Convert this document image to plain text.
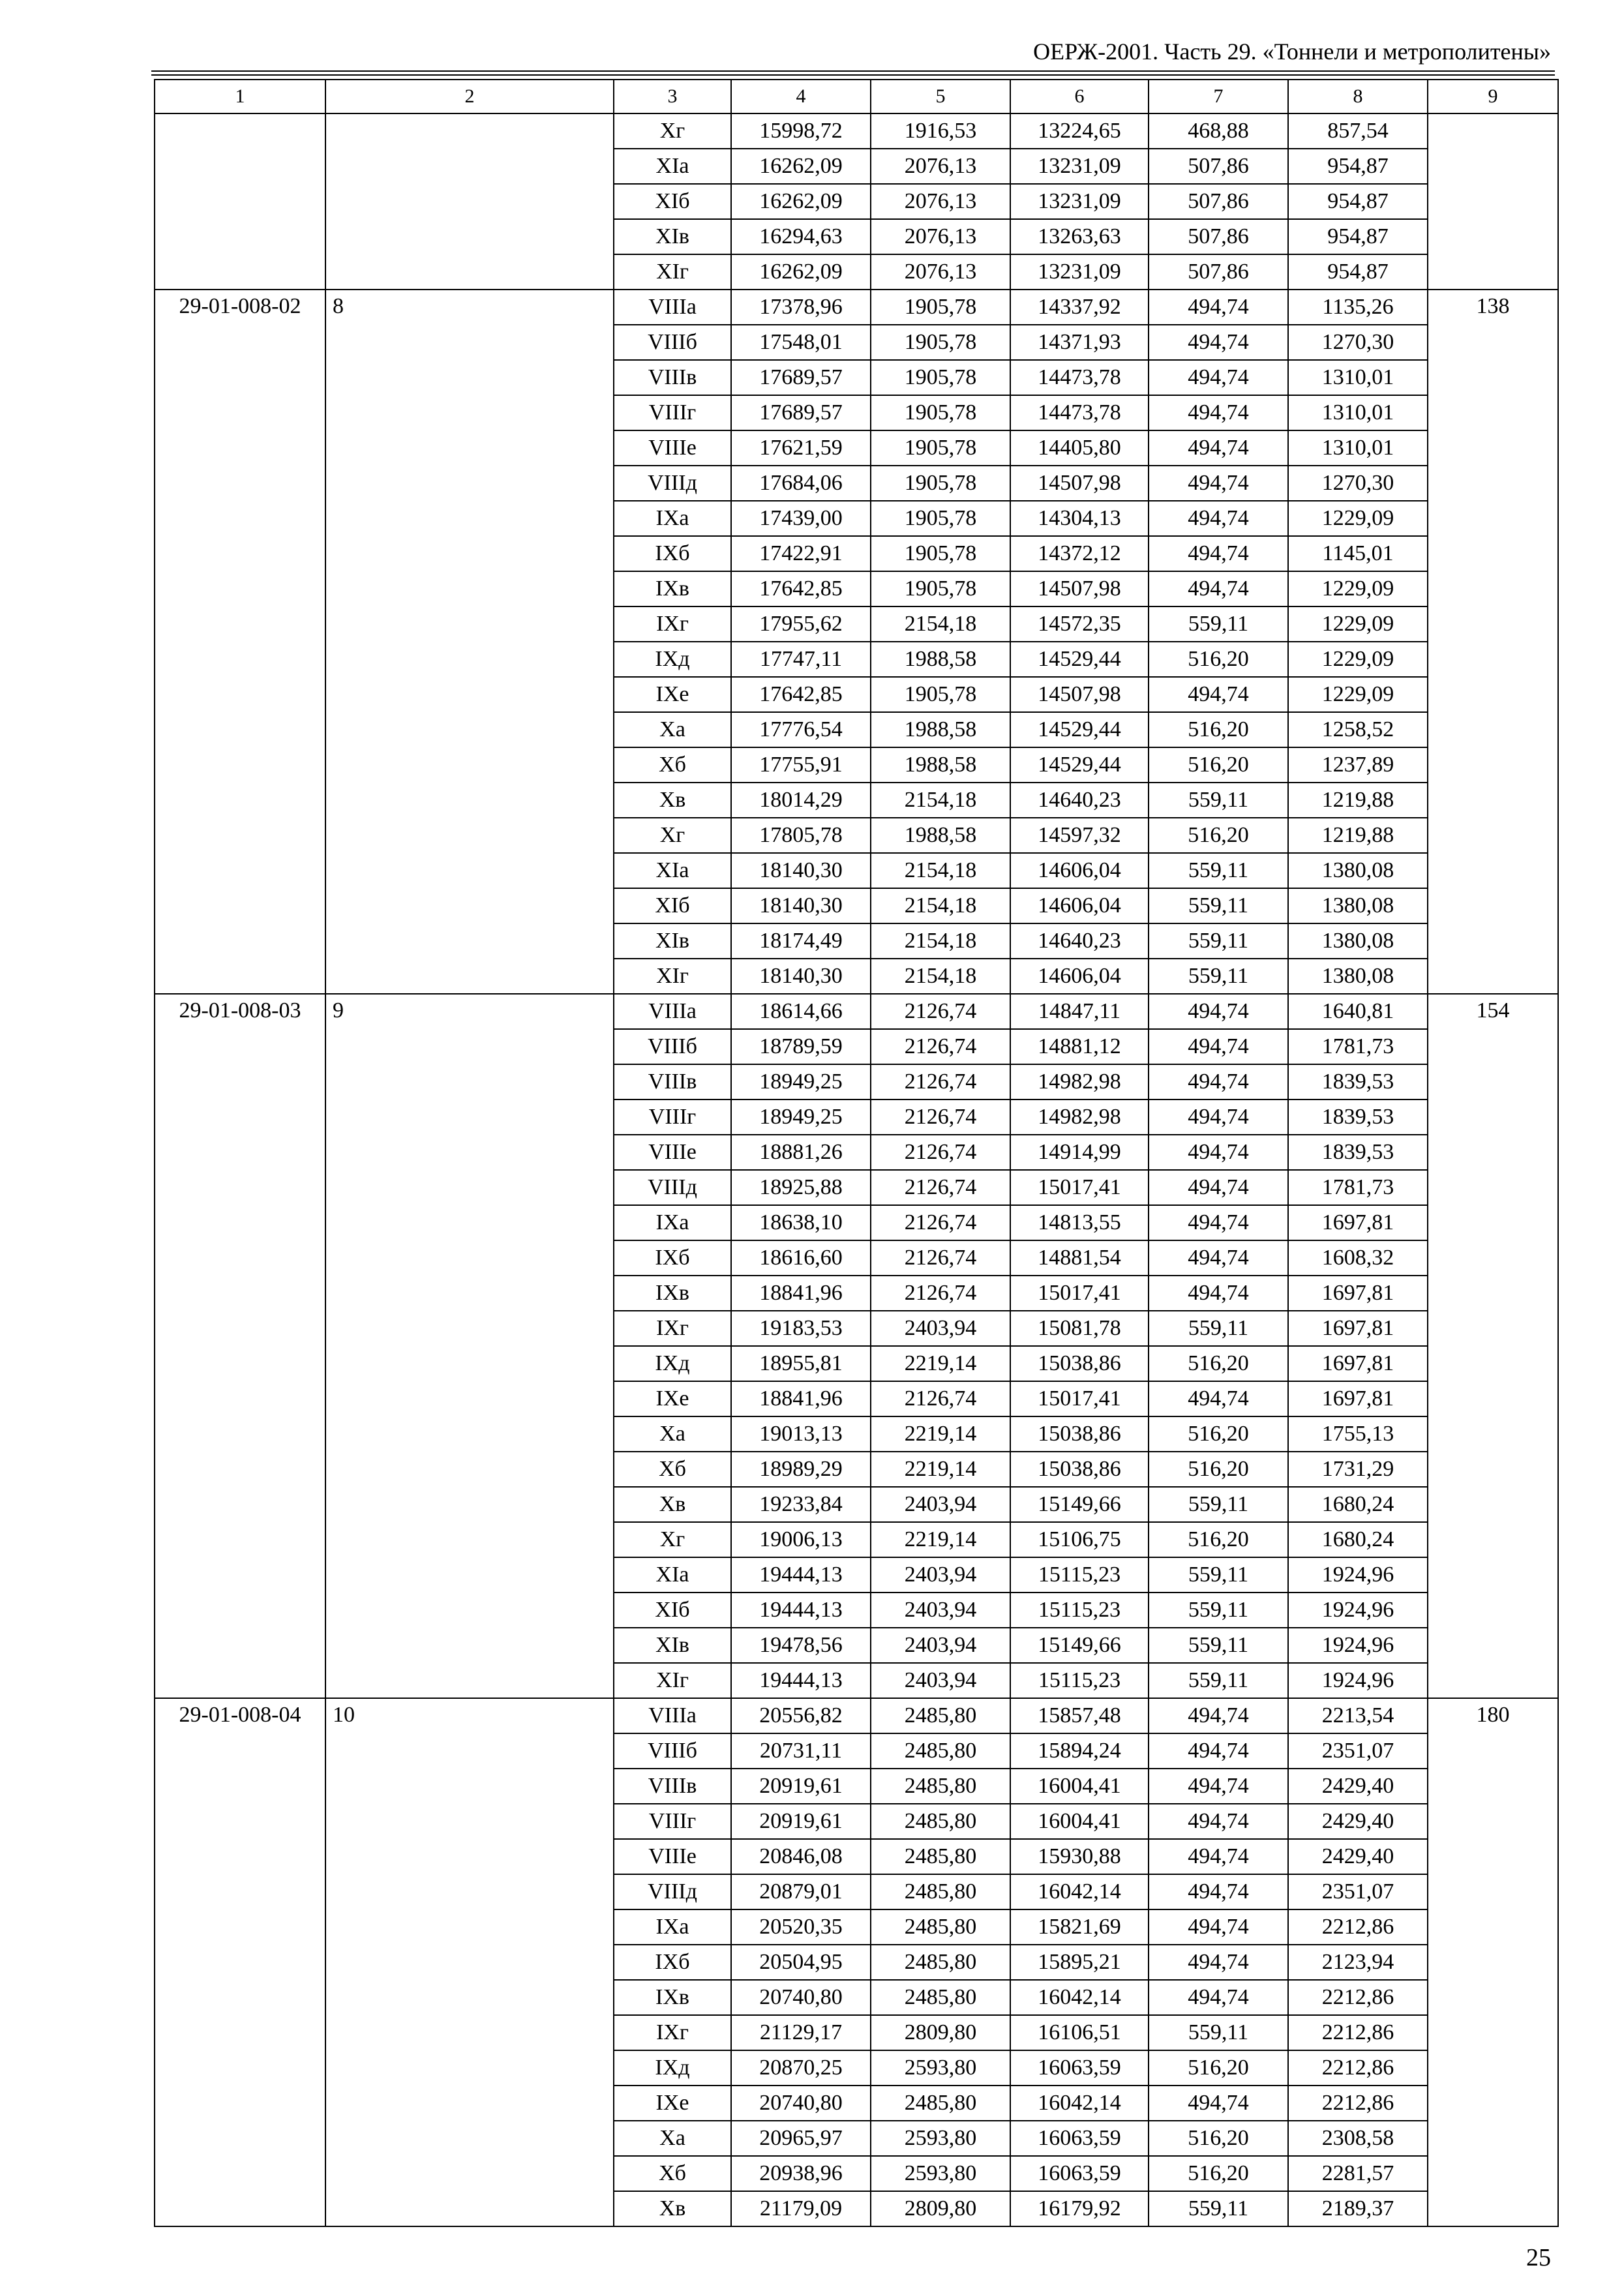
ОЕРЖ-2001. Часть 29. «Тоннели и метрополитены»
1	2	3	4	5	6	7	8	9
		Xг	15998,72	1916,53	13224,65	468,88	857,54	
		XIа	16262,09	2076,13	13231,09	507,86	954,87	
		XIб	16262,09	2076,13	13231,09	507,86	954,87	
		XIв	16294,63	2076,13	13263,63	507,86	954,87	
		XIг	16262,09	2076,13	13231,09	507,86	954,87	
29-01-008-02	8	VIIIа	17378,96	1905,78	14337,92	494,74	1135,26	138
		VIIIб	17548,01	1905,78	14371,93	494,74	1270,30	
		VIIIв	17689,57	1905,78	14473,78	494,74	1310,01	
		VIIIг	17689,57	1905,78	14473,78	494,74	1310,01	
		VIIIе	17621,59	1905,78	14405,80	494,74	1310,01	
		VIIIд	17684,06	1905,78	14507,98	494,74	1270,30	
		IXа	17439,00	1905,78	14304,13	494,74	1229,09	
		IXб	17422,91	1905,78	14372,12	494,74	1145,01	
		IXв	17642,85	1905,78	14507,98	494,74	1229,09	
		IXг	17955,62	2154,18	14572,35	559,11	1229,09	
		IXд	17747,11	1988,58	14529,44	516,20	1229,09	
		IXе	17642,85	1905,78	14507,98	494,74	1229,09	
		Xа	17776,54	1988,58	14529,44	516,20	1258,52	
		Xб	17755,91	1988,58	14529,44	516,20	1237,89	
		Xв	18014,29	2154,18	14640,23	559,11	1219,88	
		Xг	17805,78	1988,58	14597,32	516,20	1219,88	
		XIа	18140,30	2154,18	14606,04	559,11	1380,08	
		XIб	18140,30	2154,18	14606,04	559,11	1380,08	
		XIв	18174,49	2154,18	14640,23	559,11	1380,08	
		XIг	18140,30	2154,18	14606,04	559,11	1380,08	
29-01-008-03	9	VIIIа	18614,66	2126,74	14847,11	494,74	1640,81	154
		VIIIб	18789,59	2126,74	14881,12	494,74	1781,73	
		VIIIв	18949,25	2126,74	14982,98	494,74	1839,53	
		VIIIг	18949,25	2126,74	14982,98	494,74	1839,53	
		VIIIе	18881,26	2126,74	14914,99	494,74	1839,53	
		VIIIд	18925,88	2126,74	15017,41	494,74	1781,73	
		IXа	18638,10	2126,74	14813,55	494,74	1697,81	
		IXб	18616,60	2126,74	14881,54	494,74	1608,32	
		IXв	18841,96	2126,74	15017,41	494,74	1697,81	
		IXг	19183,53	2403,94	15081,78	559,11	1697,81	
		IXд	18955,81	2219,14	15038,86	516,20	1697,81	
		IXе	18841,96	2126,74	15017,41	494,74	1697,81	
		Xа	19013,13	2219,14	15038,86	516,20	1755,13	
		Xб	18989,29	2219,14	15038,86	516,20	1731,29	
		Xв	19233,84	2403,94	15149,66	559,11	1680,24	
		Xг	19006,13	2219,14	15106,75	516,20	1680,24	
		XIа	19444,13	2403,94	15115,23	559,11	1924,96	
		XIб	19444,13	2403,94	15115,23	559,11	1924,96	
		XIв	19478,56	2403,94	15149,66	559,11	1924,96	
		XIг	19444,13	2403,94	15115,23	559,11	1924,96	
29-01-008-04	10	VIIIа	20556,82	2485,80	15857,48	494,74	2213,54	180
		VIIIб	20731,11	2485,80	15894,24	494,74	2351,07	
		VIIIв	20919,61	2485,80	16004,41	494,74	2429,40	
		VIIIг	20919,61	2485,80	16004,41	494,74	2429,40	
		VIIIе	20846,08	2485,80	15930,88	494,74	2429,40	
		VIIIд	20879,01	2485,80	16042,14	494,74	2351,07	
		IXа	20520,35	2485,80	15821,69	494,74	2212,86	
		IXб	20504,95	2485,80	15895,21	494,74	2123,94	
		IXв	20740,80	2485,80	16042,14	494,74	2212,86	
		IXг	21129,17	2809,80	16106,51	559,11	2212,86	
		IXд	20870,25	2593,80	16063,59	516,20	2212,86	
		IXе	20740,80	2485,80	16042,14	494,74	2212,86	
		Xа	20965,97	2593,80	16063,59	516,20	2308,58	
		Xб	20938,96	2593,80	16063,59	516,20	2281,57	
		Xв	21179,09	2809,80	16179,92	559,11	2189,37	
25
